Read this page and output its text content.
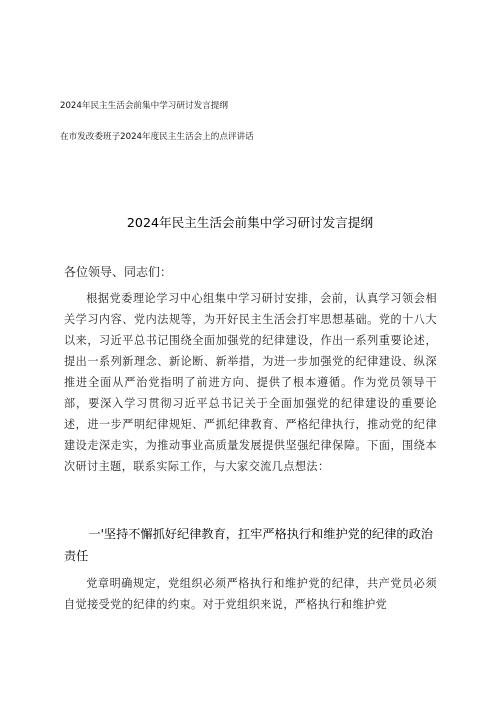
2024年民主生活会前集中学习研讨发言提纲
在市发改委班子2024年度民主生活会上的点评讲话
2024年民主生活会前集中学习研讨发言提纲
各位领导、同志们：

根据党委理论学习中心组集中学习研讨安排，会前，认真学习领会相关学习内容、党内法规等，为开好民主生活会打牢思想基础。党的十八大以来，习近平总书记围绕全面加强党的纪律建设，作出一系列重要论述，提出一系列新理念、新论断、新举措，为进一步加强党的纪律建设、纵深推进全面从严治党指明了前进方向、提供了根本遵循。作为党员领导干部，要深入学习贯彻习近平总书记关于全面加强党的纪律建设的重要论述，进一步严明纪律规矩、严抓纪律教育、严格纪律执行，推动党的纪律建设走深走实，为推动事业高质量发展提供坚强纪律保障。下面，围绕本次研讨主题，联系实际工作，与大家交流几点想法：

一'坚持不懈抓好纪律教育，扛牢严格执行和维护党的纪律的政治责任

党章明确规定，党组织必须严格执行和维护党的纪律，共产党员必须自觉接受党的纪律的约束。对于党组织来说，严格执行和维护党
